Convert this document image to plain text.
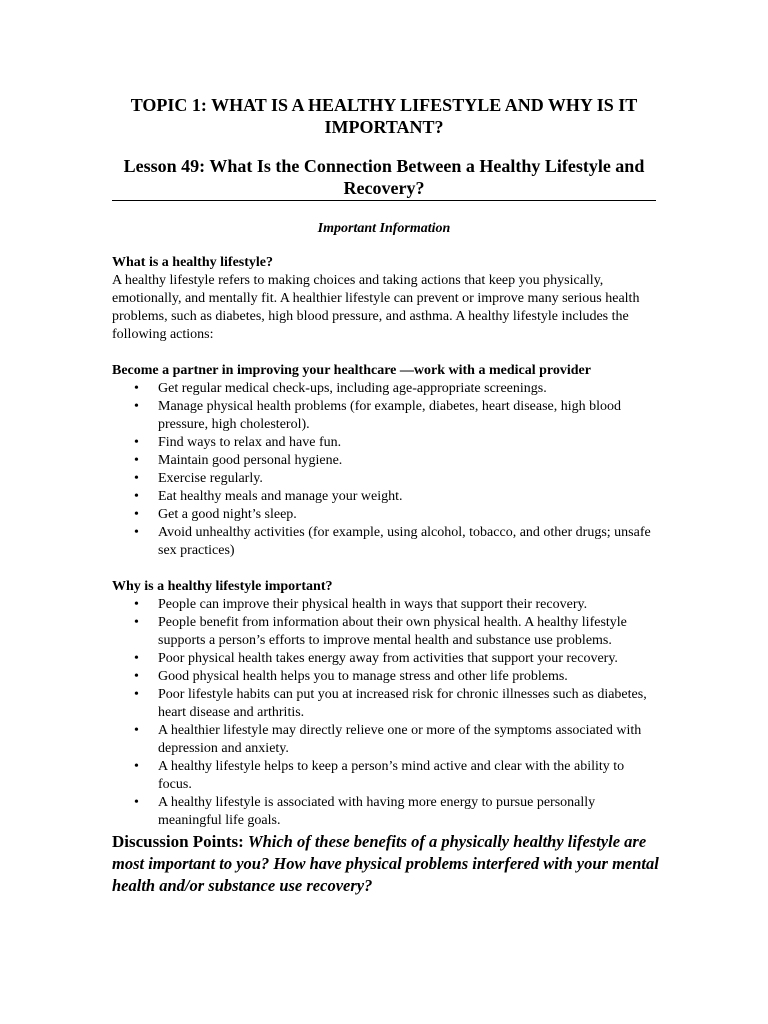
TOPIC 1: WHAT IS A HEALTHY LIFESTYLE AND WHY IS IT IMPORTANT?
Lesson 49: What Is the Connection Between a Healthy Lifestyle and Recovery?
Important Information

What is a healthy lifestyle?

A healthy lifestyle refers to making choices and taking actions that keep you physically, emotionally, and mentally fit. A healthier lifestyle can prevent or improve many serious health problems, such as diabetes, high blood pressure, and asthma. A healthy lifestyle includes the following actions:

Become a partner in improving your healthcare —work with a medical provider

• Get regular medical check-ups, including age-appropriate screenings.
• Manage physical health problems (for example, diabetes, heart disease, high blood pressure, high cholesterol).
• Find ways to relax and have fun.
• Maintain good personal hygiene.
• Exercise regularly.
• Eat healthy meals and manage your weight.
• Get a good night’s sleep.
• Avoid unhealthy activities (for example, using alcohol, tobacco, and other drugs; unsafe sex practices)

Why is a healthy lifestyle important?

• People can improve their physical health in ways that support their recovery.
• People benefit from information about their own physical health. A healthy lifestyle supports a person’s efforts to improve mental health and substance use problems.
• Poor physical health takes energy away from activities that support your recovery.
• Good physical health helps you to manage stress and other life problems.
• Poor lifestyle habits can put you at increased risk for chronic illnesses such as diabetes, heart disease and arthritis.
• A healthier lifestyle may directly relieve one or more of the symptoms associated with depression and anxiety.
• A healthy lifestyle helps to keep a person’s mind active and clear with the ability to focus.
• A healthy lifestyle is associated with having more energy to pursue personally meaningful life goals.

Discussion Points: Which of these benefits of a physically healthy lifestyle are most important to you? How have physical problems interfered with your mental health and/or substance use recovery?
